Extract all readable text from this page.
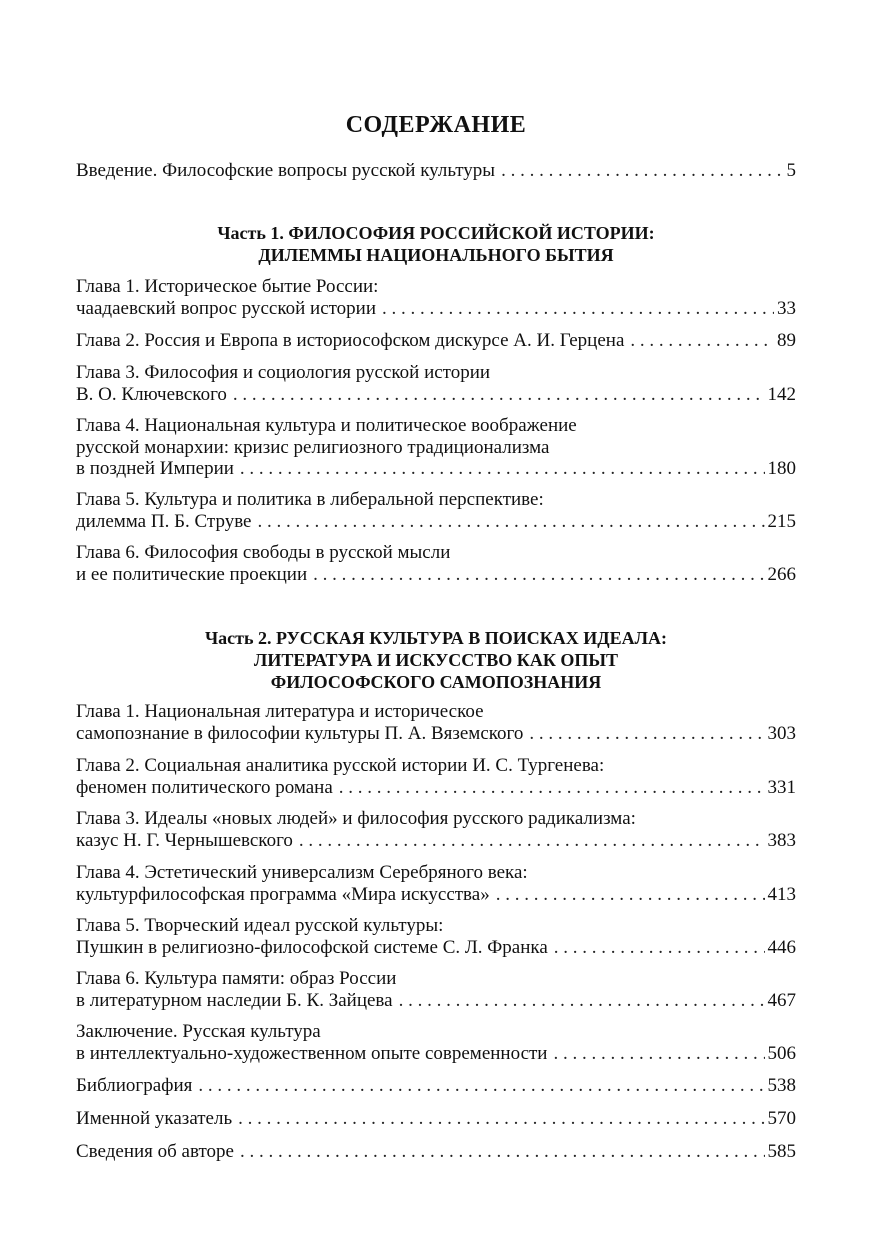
СОДЕРЖАНИЕ
Введение. Философские вопросы русской культуры . . .	5
Часть 1. ФИЛОСОФИЯ РОССИЙСКОЙ ИСТОРИИ:
ДИЛЕММЫ НАЦИОНАЛЬНОГО БЫТИЯ
Глава 1. Историческое бытие России:
чаадаевский вопрос русской истории . . .	33
Глава 2. Россия и Европа в историософском дискурсе А. И. Герцена . . .	89
Глава 3. Философия и социология русской истории
В. О. Ключевского . . .	142
Глава 4. Национальная культура и политическое воображение
русской монархии: кризис религиозного традиционализма
в поздней Империи . . .	180
Глава 5. Культура и политика в либеральной перспективе:
дилемма П. Б. Струве . . .	215
Глава 6. Философия свободы в русской мысли
и ее политические проекции . . .	266
Часть 2. РУССКАЯ КУЛЬТУРА В ПОИСКАХ ИДЕАЛА:
ЛИТЕРАТУРА И ИСКУССТВО КАК ОПЫТ
ФИЛОСОФСКОГО САМОПОЗНАНИЯ
Глава 1. Национальная литература и историческое
самопознание в философии культуры П. А. Вяземского . . .	303
Глава 2. Социальная аналитика русской истории И. С. Тургенева:
феномен политического романа . . .	331
Глава 3. Идеалы «новых людей» и философия русского радикализма:
казус Н. Г. Чернышевского . . .	383
Глава 4. Эстетический универсализм Серебряного века:
культурфилософская программа «Мира искусства» . . .	413
Глава 5. Творческий идеал русской культуры:
Пушкин в религиозно-философской системе С. Л. Франка . . .	446
Глава 6. Культура памяти: образ России
в литературном наследии Б. К. Зайцева . . .	467
Заключение. Русская культура
в интеллектуально-художественном опыте современности . . .	506
Библиография . . .	538
Именной указатель . . .	570
Сведения об авторе . . .	585
